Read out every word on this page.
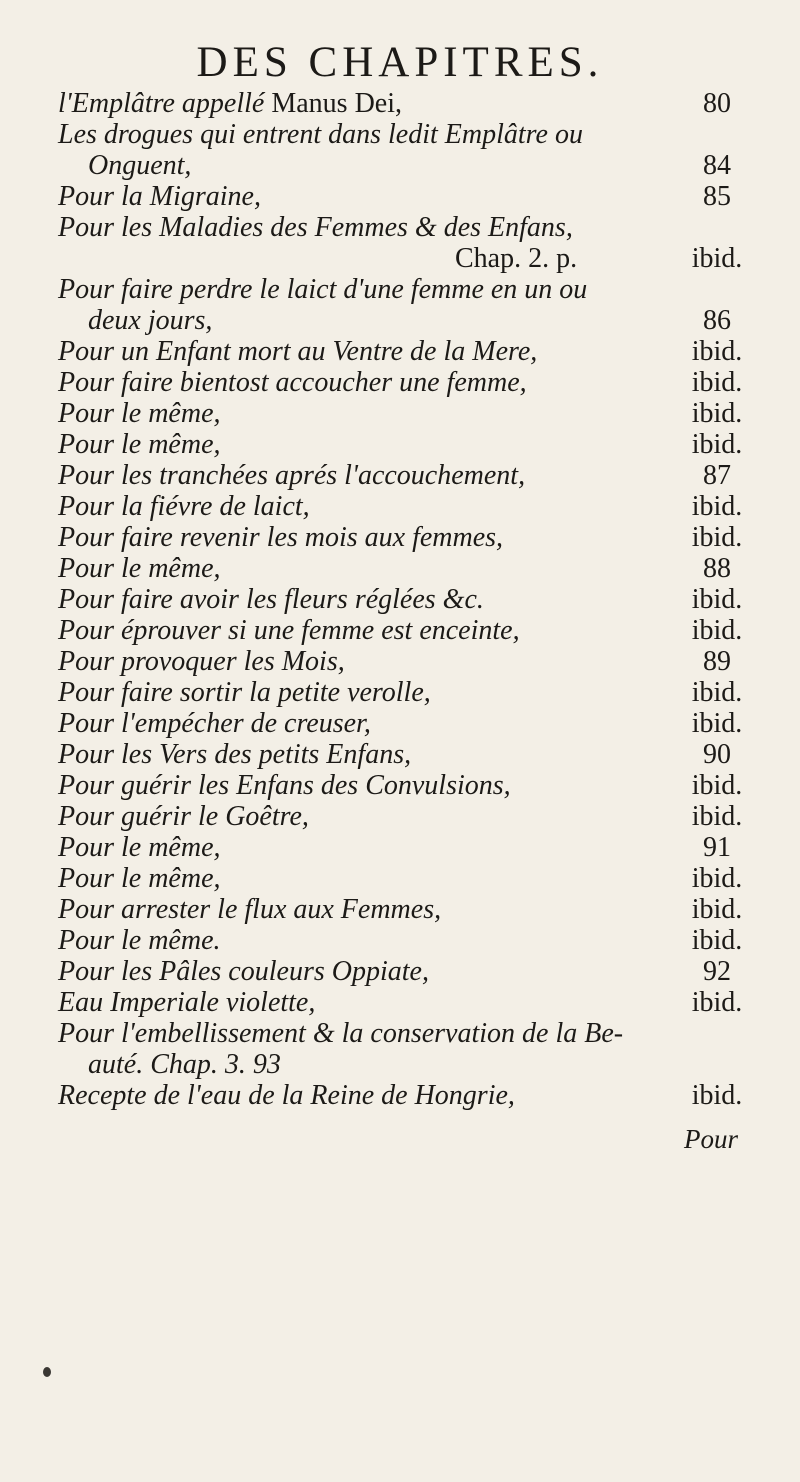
DES CHAPITRES.
l'Emplâtre appellé Manus Dei,	80
Les drogues qui entrent dans ledit Emplâtre ou
Onguent,	84
Pour la Migraine,	85
Pour les Maladies des Femmes & des Enfans,
Chap. 2. p.	ibid.
Pour faire perdre le laict d'une femme en un ou
deux jours,	86
Pour un Enfant mort au Ventre de la Mere,	ibid.
Pour faire bientost accoucher une femme,	ibid.
Pour le même,	ibid.
Pour le même,	ibid.
Pour les tranchées aprés l'accouchement,	87
Pour la fiévre de laict,	ibid.
Pour faire revenir les mois aux femmes,	ibid.
Pour le même,	88
Pour faire avoir les fleurs réglées &c.	ibid.
Pour éprouver si une femme est enceinte,	ibid.
Pour provoquer les Mois,	89
Pour faire sortir la petite verolle,	ibid.
Pour l'empécher de creuser,	ibid.
Pour les Vers des petits Enfans,	90
Pour guérir les Enfans des Convulsions,	ibid.
Pour guérir le Goêtre,	ibid.
Pour le même,	91
Pour le même,	ibid.
Pour arrester le flux aux Femmes,	ibid.
Pour le même.	ibid.
Pour les Pâles couleurs Oppiate,	92
Eau Imperiale violette,	ibid.
Pour l'embellissement & la conservation de la Be-
auté. Chap. 3. 93
Recepte de l'eau de la Reine de Hongrie,	ibid.
Pour
